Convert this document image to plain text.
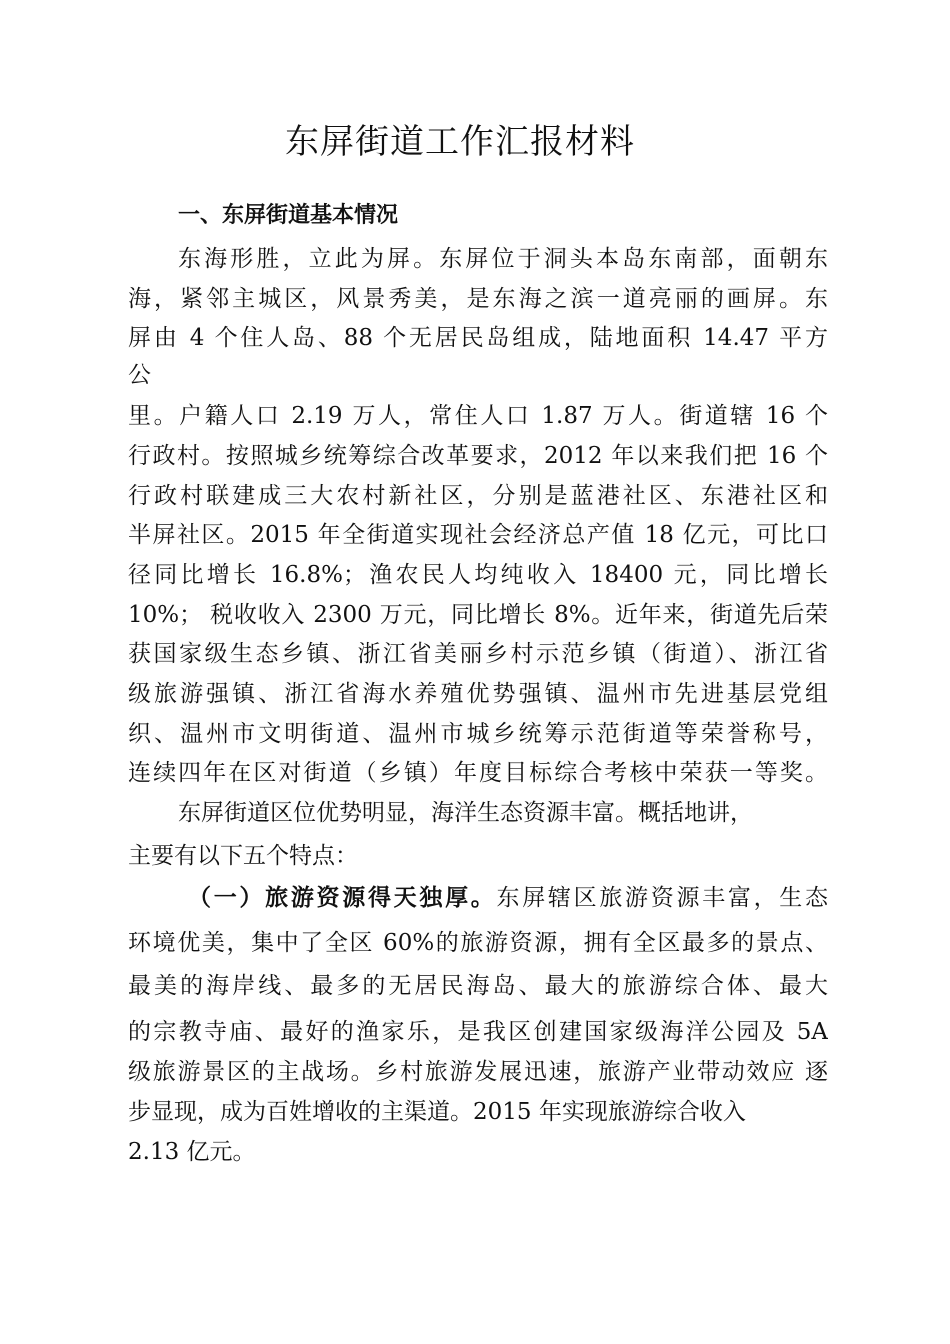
东屏街道工作汇报材料
一、东屏街道基本情况

东海形胜，立此为屏。东屏位于洞头本岛东南部，面朝东

海，紧邻主城区，风景秀美，是东海之滨一道亮丽的画屏。东

屏由 4 个住人岛、88 个无居民岛组成，陆地面积 14.47 平方

公

里。户籍人口 2.19 万人，常住人口 1.87 万人。街道辖 16 个

行政村。按照城乡统筹综合改革要求，2012 年以来我们把 16 个

行政村联建成三大农村新社区，分别是蓝港社区、东港社区和

半屏社区。2015 年全街道实现社会经济总产值 18 亿元，可比口

径同比增长 16.8%；渔农民人均纯收入 18400 元，同比增长

10%； 税收收入 2300 万元，同比增长 8%。近年来，街道先后荣

获国家级生态乡镇、浙江省美丽乡村示范乡镇（街道）、浙江省

级旅游强镇、浙江省海水养殖优势强镇、温州市先进基层党组

织、温州市文明街道、温州市城乡统筹示范街道等荣誉称号，

连续四年在区对街道（乡镇）年度目标综合考核中荣获一等奖。

东屏街道区位优势明显，海洋生态资源丰富。概括地讲，

主要有以下五个特点：

（一）旅游资源得天独厚。东屏辖区旅游资源丰富，生态

环境优美，集中了全区 60%的旅游资源，拥有全区最多的景点、

最美的海岸线、最多的无居民海岛、最大的旅游综合体、最大

的宗教寺庙、最好的渔家乐，是我区创建国家级海洋公园及 5A

级旅游景区的主战场。乡村旅游发展迅速，旅游产业带动效应 逐

步显现，成为百姓增收的主渠道。2015 年实现旅游综合收入

2.13 亿元。
